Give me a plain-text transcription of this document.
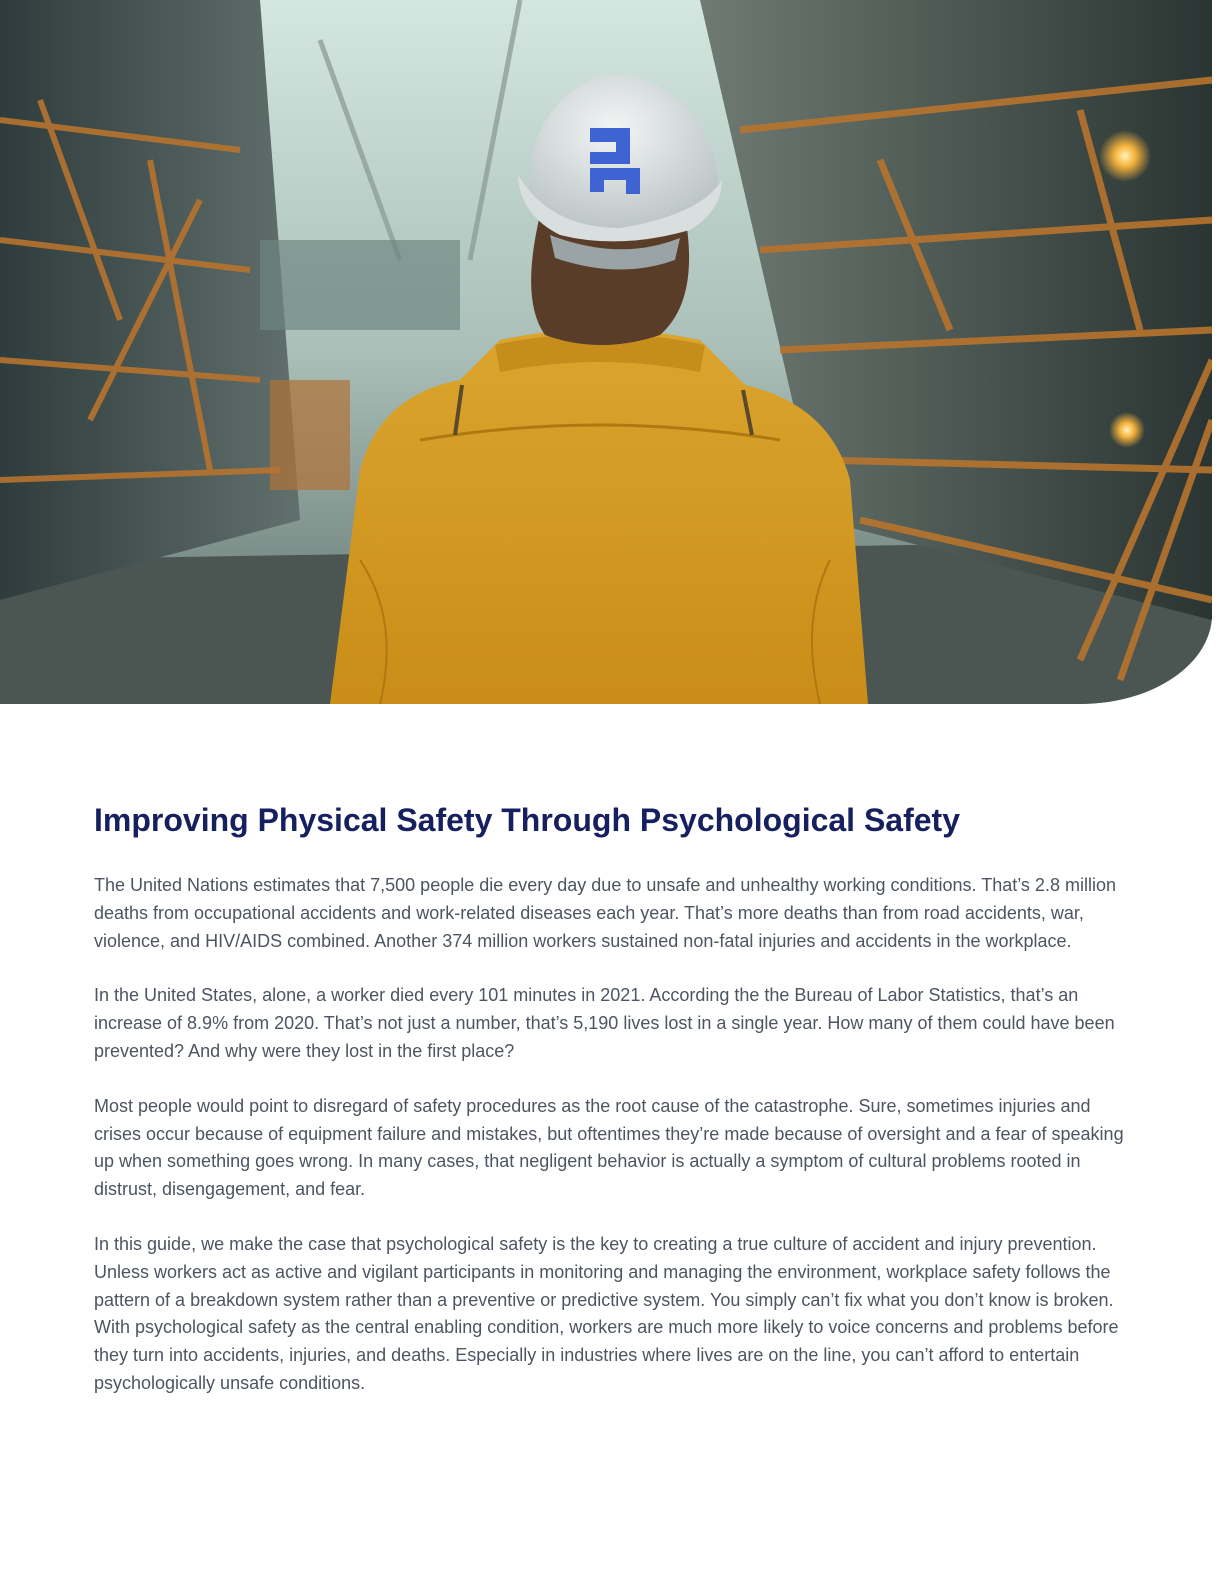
Improving Physical Safety Through Psychological Safety

The United Nations estimates that 7,500 people die every day due to unsafe and unhealthy working conditions. That’s 2.8 million deaths from occupational accidents and work-related diseases each year. That’s more deaths than from road accidents, war, violence, and HIV/AIDS combined. Another 374 million workers sustained non-fatal injuries and accidents in the workplace.

In the United States, alone, a worker died every 101 minutes in 2021. According the the Bureau of Labor Statistics, that’s an increase of 8.9% from 2020. That’s not just a number, that’s 5,190 lives lost in a single year. How many of them could have been prevented? And why were they lost in the first place?

Most people would point to disregard of safety procedures as the root cause of the catastrophe. Sure, sometimes injuries and crises occur because of equipment failure and mistakes, but oftentimes they’re made because of oversight and a fear of speaking up when something goes wrong. In many cases, that negligent behavior is actually a symptom of cultural problems rooted in distrust, disengagement, and fear.

In this guide, we make the case that psychological safety is the key to creating a true culture of accident and injury prevention. Unless workers act as active and vigilant participants in monitoring and managing the environment, workplace safety follows the pattern of a breakdown system rather than a preventive or predictive system. You simply can’t fix what you don’t know is broken. With psychological safety as the central enabling condition, workers are much more likely to voice concerns and problems before they turn into accidents, injuries, and deaths. Especially in industries where lives are on the line, you can’t afford to entertain psychologically unsafe conditions.
